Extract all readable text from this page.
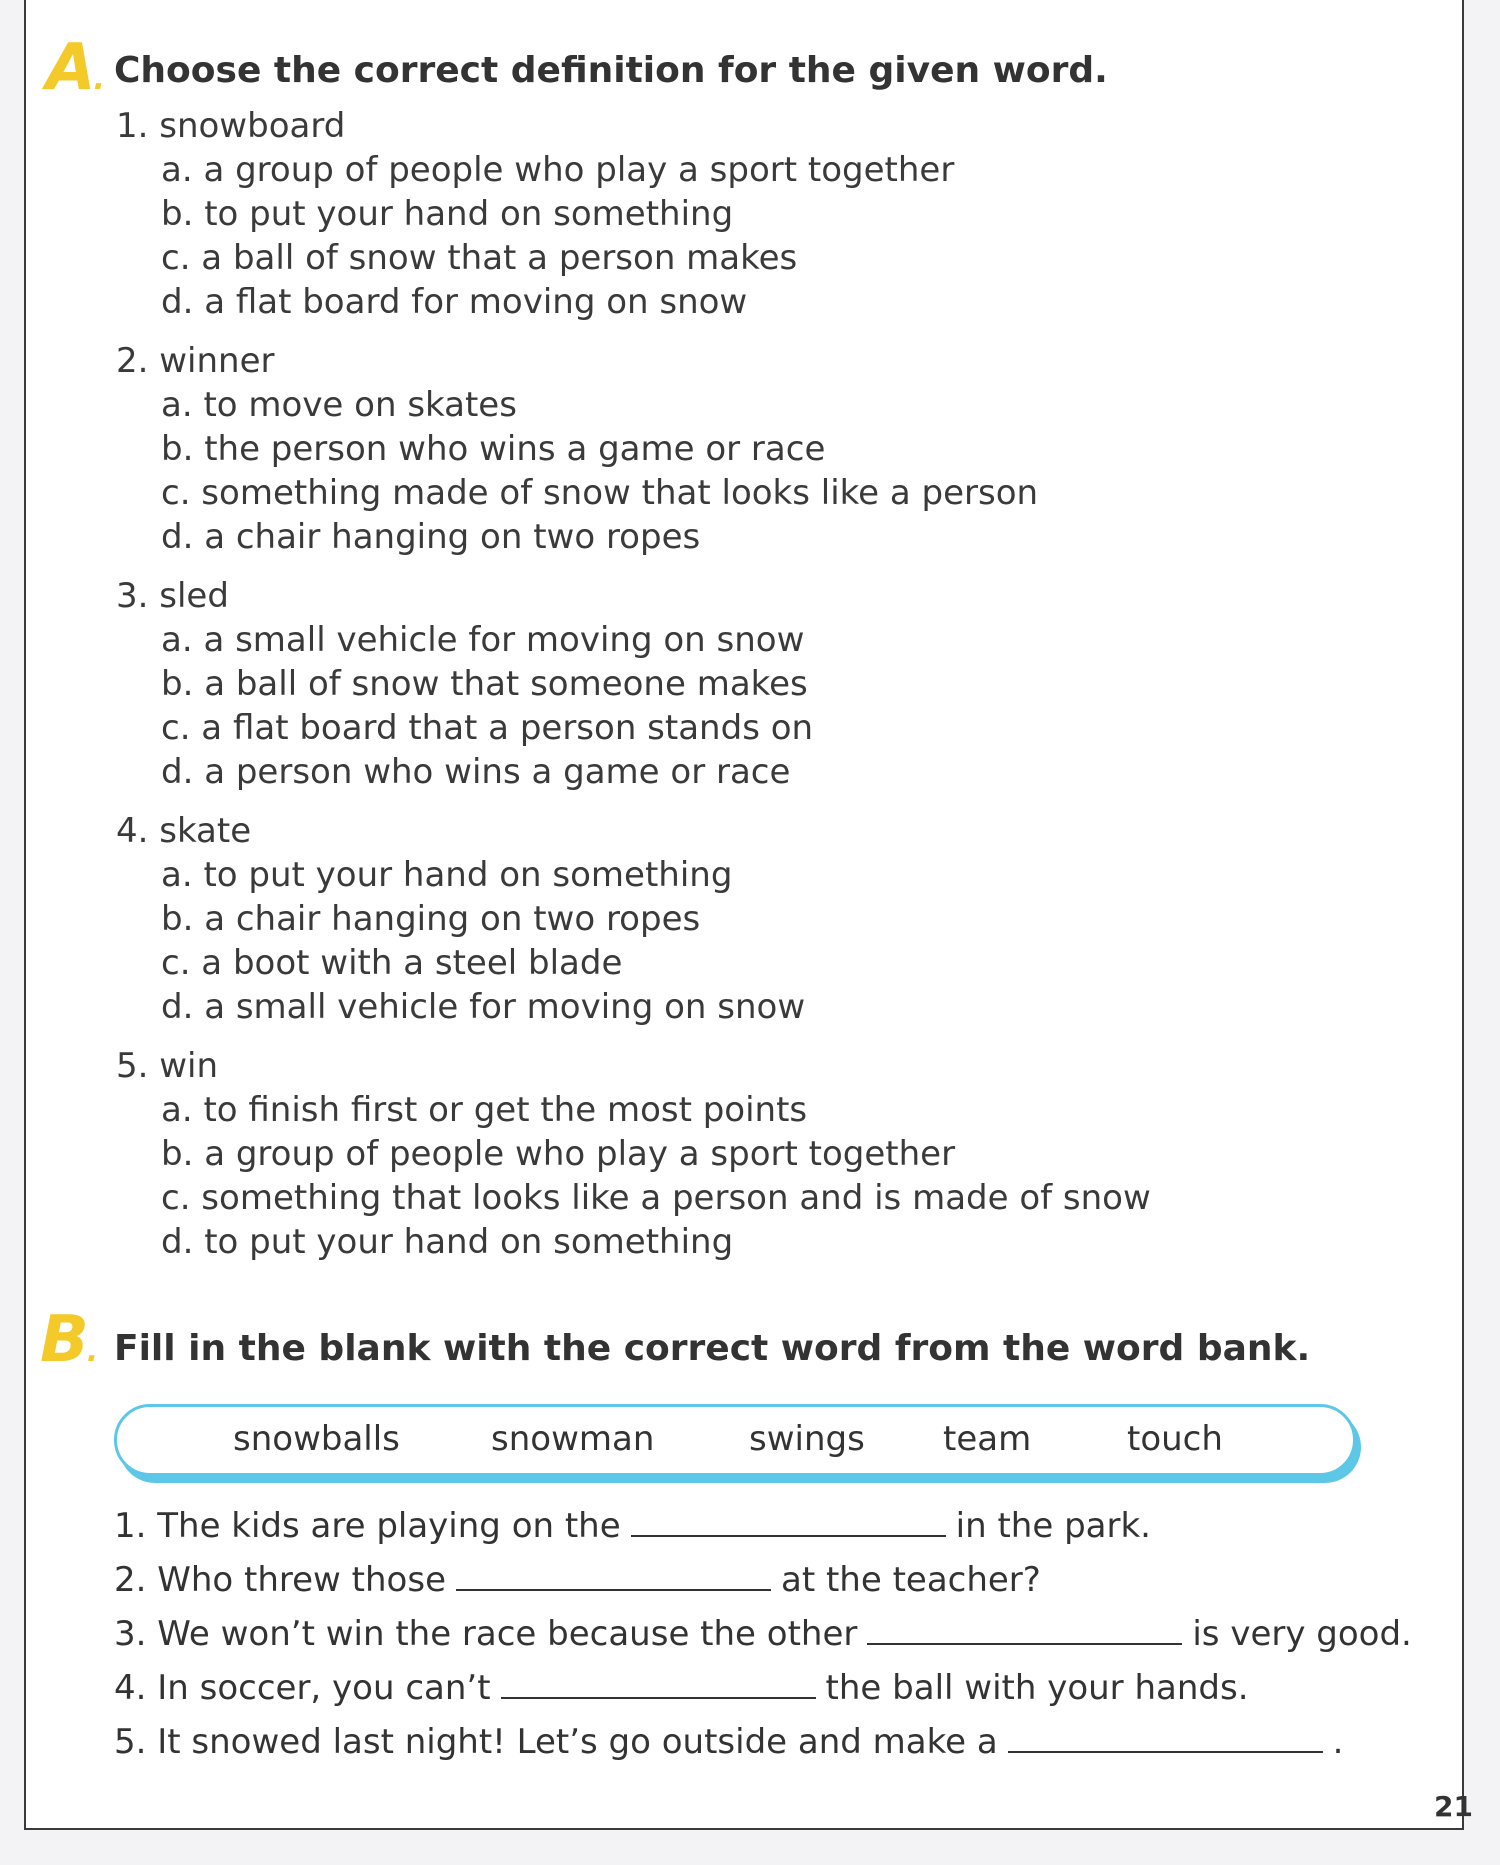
A. Choose the correct definition for the given word.
1. snowboard
a. a group of people who play a sport together
b. to put your hand on something
c. a ball of snow that a person makes
d. a flat board for moving on snow
2. winner
a. to move on skates
b. the person who wins a game or race
c. something made of snow that looks like a person
d. a chair hanging on two ropes
3. sled
a. a small vehicle for moving on snow
b. a ball of snow that someone makes
c. a flat board that a person stands on
d. a person who wins a game or race
4. skate
a. to put your hand on something
b. a chair hanging on two ropes
c. a boot with a steel blade
d. a small vehicle for moving on snow
5. win
a. to finish first or get the most points
b. a group of people who play a sport together
c. something that looks like a person and is made of snow
d. to put your hand on something
B. Fill in the blank with the correct word from the word bank.
snowballs	snowman	swings team	touch
1. The kids are playing on the	in the park.
2. Who threw those	at the teacher?
3. We won’t win the race because the other	is very good.
4. In soccer, you can’t	the ball with your hands.
5. It snowed last night! Let’s go outside and make a	.
21
